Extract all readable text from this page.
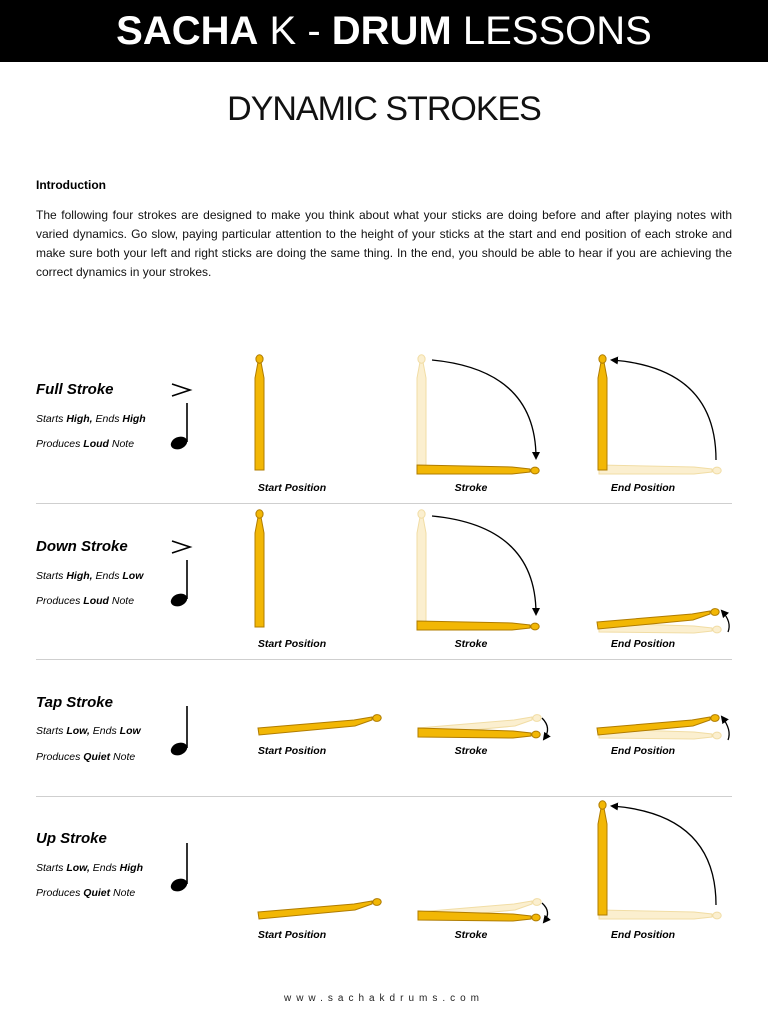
SACHA K - DRUM LESSONS
DYNAMIC STROKES
Introduction
The following four strokes are designed to make you think about what your sticks are doing before and after playing notes with varied dynamics. Go slow, paying particular attention to the height of your sticks at the start and end position of each stroke and make sure both your left and right sticks are doing the same thing. In the end, you should be able to hear if you are achieving the correct dynamics in your strokes.
Full Stroke
Starts High, Ends High
Produces Loud Note
Down Stroke
Starts High, Ends Low
Produces Loud Note
Tap Stroke
Starts Low, Ends Low
Produces Quiet Note
Up Stroke
Starts Low, Ends High
Produces Quiet Note
Start Position	Stroke	End Position
Start Position	Stroke	End Position
Start Position	Stroke	End Position
Start Position	Stroke	End Position
www.sachakdrums.com
